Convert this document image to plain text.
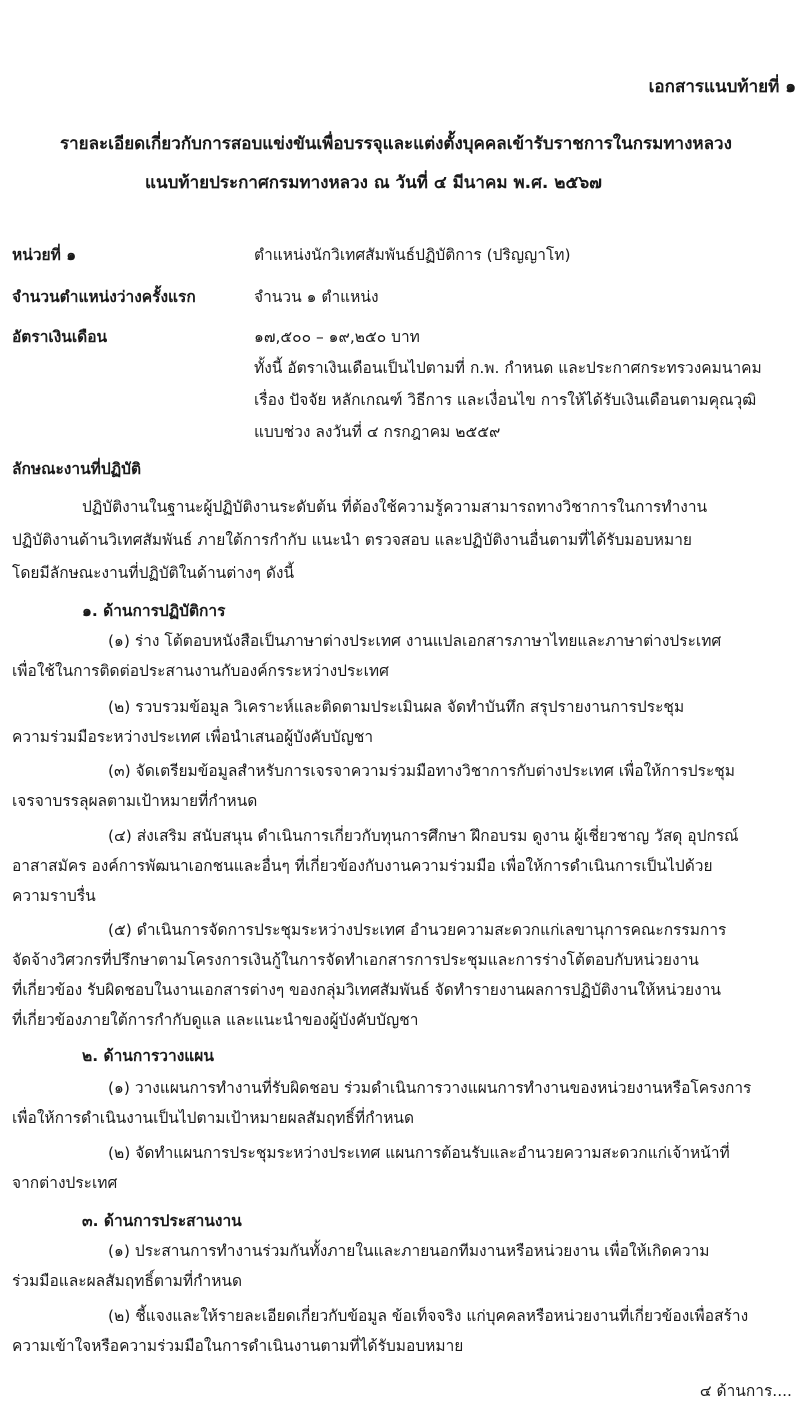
เอกสารแนบท้ายที่ ๑
รายละเอียดเกี่ยวกับการสอบแข่งขันเพื่อบรรจุและแต่งตั้งบุคคลเข้ารับราชการในกรมทางหลวง
แนบท้ายประกาศกรมทางหลวง ณ วันที่ ๔ มีนาคม พ.ศ. ๒๕๖๗
หน่วยที่ ๑	ตำแหน่งนักวิเทศสัมพันธ์ปฏิบัติการ (ปริญญาโท)
จำนวนตำแหน่งว่างครั้งแรก	จำนวน ๑ ตำแหน่ง
อัตราเงินเดือน	๑๗,๕๐๐ – ๑๙,๒๕๐ บาท
ทั้งนี้ อัตราเงินเดือนเป็นไปตามที่ ก.พ. กำหนด และประกาศกระทรวงคมนาคม
เรื่อง ปัจจัย หลักเกณฑ์ วิธีการ และเงื่อนไข การให้ได้รับเงินเดือนตามคุณวุฒิ
แบบช่วง ลงวันที่ ๔ กรกฎาคม ๒๕๕๙
ลักษณะงานที่ปฏิบัติ
ปฏิบัติงานในฐานะผู้ปฏิบัติงานระดับต้น ที่ต้องใช้ความรู้ความสามารถทางวิชาการในการทำงาน
ปฏิบัติงานด้านวิเทศสัมพันธ์ ภายใต้การกำกับ แนะนำ ตรวจสอบ และปฏิบัติงานอื่นตามที่ได้รับมอบหมาย
โดยมีลักษณะงานที่ปฏิบัติในด้านต่างๆ ดังนี้
๑. ด้านการปฏิบัติการ
(๑) ร่าง โต้ตอบหนังสือเป็นภาษาต่างประเทศ งานแปลเอกสารภาษาไทยและภาษาต่างประเทศ
เพื่อใช้ในการติดต่อประสานงานกับองค์กรระหว่างประเทศ
(๒) รวบรวมข้อมูล วิเคราะห์และติดตามประเมินผล จัดทำบันทึก สรุปรายงานการประชุม
ความร่วมมือระหว่างประเทศ เพื่อนำเสนอผู้บังคับบัญชา
(๓) จัดเตรียมข้อมูลสำหรับการเจรจาความร่วมมือทางวิชาการกับต่างประเทศ เพื่อให้การประชุม
เจรจาบรรลุผลตามเป้าหมายที่กำหนด
(๔) ส่งเสริม สนับสนุน ดำเนินการเกี่ยวกับทุนการศึกษา ฝึกอบรม ดูงาน ผู้เชี่ยวชาญ วัสดุ อุปกรณ์
อาสาสมัคร องค์การพัฒนาเอกชนและอื่นๆ ที่เกี่ยวข้องกับงานความร่วมมือ เพื่อให้การดำเนินการเป็นไปด้วย
ความราบรื่น
(๕) ดำเนินการจัดการประชุมระหว่างประเทศ อำนวยความสะดวกแก่เลขานุการคณะกรรมการ
จัดจ้างวิศวกรที่ปรึกษาตามโครงการเงินกู้ในการจัดทำเอกสารการประชุมและการร่างโต้ตอบกับหน่วยงาน
ที่เกี่ยวข้อง รับผิดชอบในงานเอกสารต่างๆ ของกลุ่มวิเทศสัมพันธ์ จัดทำรายงานผลการปฏิบัติงานให้หน่วยงาน
ที่เกี่ยวข้องภายใต้การกำกับดูแล และแนะนำของผู้บังคับบัญชา
๒. ด้านการวางแผน
(๑) วางแผนการทำงานที่รับผิดชอบ ร่วมดำเนินการวางแผนการทำงานของหน่วยงานหรือโครงการ
เพื่อให้การดำเนินงานเป็นไปตามเป้าหมายผลสัมฤทธิ์ที่กำหนด
(๒) จัดทำแผนการประชุมระหว่างประเทศ แผนการต้อนรับและอำนวยความสะดวกแก่เจ้าหน้าที่
จากต่างประเทศ
๓. ด้านการประสานงาน
(๑) ประสานการทำงานร่วมกันทั้งภายในและภายนอกทีมงานหรือหน่วยงาน เพื่อให้เกิดความ
ร่วมมือและผลสัมฤทธิ์ตามที่กำหนด
(๒) ชี้แจงและให้รายละเอียดเกี่ยวกับข้อมูล ข้อเท็จจริง แก่บุคคลหรือหน่วยงานที่เกี่ยวข้องเพื่อสร้าง
ความเข้าใจหรือความร่วมมือในการดำเนินงานตามที่ได้รับมอบหมาย
๔ ด้านการ....
